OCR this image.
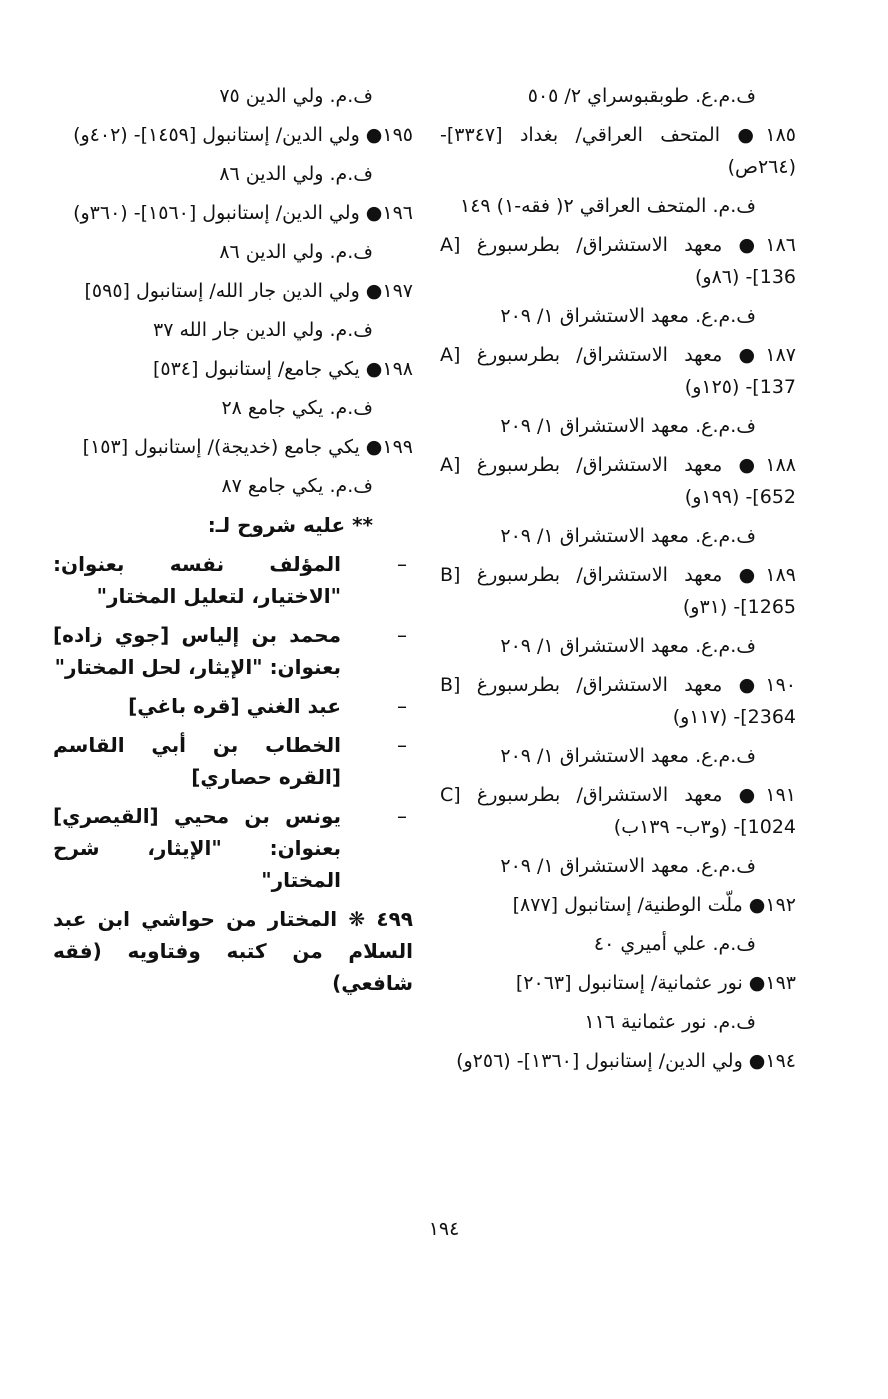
ف.م.ع. طوبقبوسراي ٢/ ٥٠٥

١٨٥● المتحف العراقي/ بغداد [٣٣٤٧]- (٢٦٤ص)

ف.م. المتحف العراقي ٢( فقه-١) ١٤٩

١٨٦● معهد الاستشراق/ بطرسبورغ [A 136]- (٨٦و)

ف.م.ع. معهد الاستشراق ١/ ٢٠٩

١٨٧● معهد الاستشراق/ بطرسبورغ [A 137]- (١٢٥و)

ف.م.ع. معهد الاستشراق ١/ ٢٠٩

١٨٨● معهد الاستشراق/ بطرسبورغ [A 652]- (١٩٩و)

ف.م.ع. معهد الاستشراق ١/ ٢٠٩

١٨٩● معهد الاستشراق/ بطرسبورغ [B 1265]- (٣١و)

ف.م.ع. معهد الاستشراق ١/ ٢٠٩

١٩٠● معهد الاستشراق/ بطرسبورغ [B 2364]- (١١٧و)

ف.م.ع. معهد الاستشراق ١/ ٢٠٩

١٩١● معهد الاستشراق/ بطرسبورغ [C 1024]- (و٣ب- ١٣٩ب)

ف.م.ع. معهد الاستشراق ١/ ٢٠٩

١٩٢● ملّت الوطنية/ إستانبول [٨٧٧]

ف.م. علي أميري ٤٠

١٩٣● نور عثمانية/ إستانبول [٢٠٦٣]

ف.م. نور عثمانية ١١٦

١٩٤● ولي الدين/ إستانبول [١٣٦٠]- (٢٥٦و)

ف.م. ولي الدين ٧٥

١٩٥● ولي الدين/ إستانبول [١٤٥٩]- (٤٠٢و)

ف.م. ولي الدين ٨٦

١٩٦● ولي الدين/ إستانبول [١٥٦٠]- (٣٦٠و)

ف.م. ولي الدين ٨٦

١٩٧● ولي الدين جار الله/ إستانبول [٥٩٥]

ف.م. ولي الدين جار الله ٣٧

١٩٨● يكي جامع/ إستانبول [٥٣٤]

ف.م. يكي جامع ٢٨

١٩٩● يكي جامع (خديجة)/ إستانبول [١٥٣]

ف.م. يكي جامع ٨٧

** عليه شروح لـ:

–
المؤلف نفسه بعنوان: "الاختيار، لتعليل المختار"

–
محمد بن إلياس [جوي زاده] بعنوان: "الإيثار، لحل المختار"

–
عبد الغني [قره باغي]

–
الخطاب بن أبي القاسم [القره حصاري]

–
يونس بن محيي [القيصري] بعنوان: "الإيثار، شرح المختار"

٤٩٩ ❋ المختار من حواشي ابن عبد السلام من كتبه وفتاويه (فقه شافعي)

١٩٤
